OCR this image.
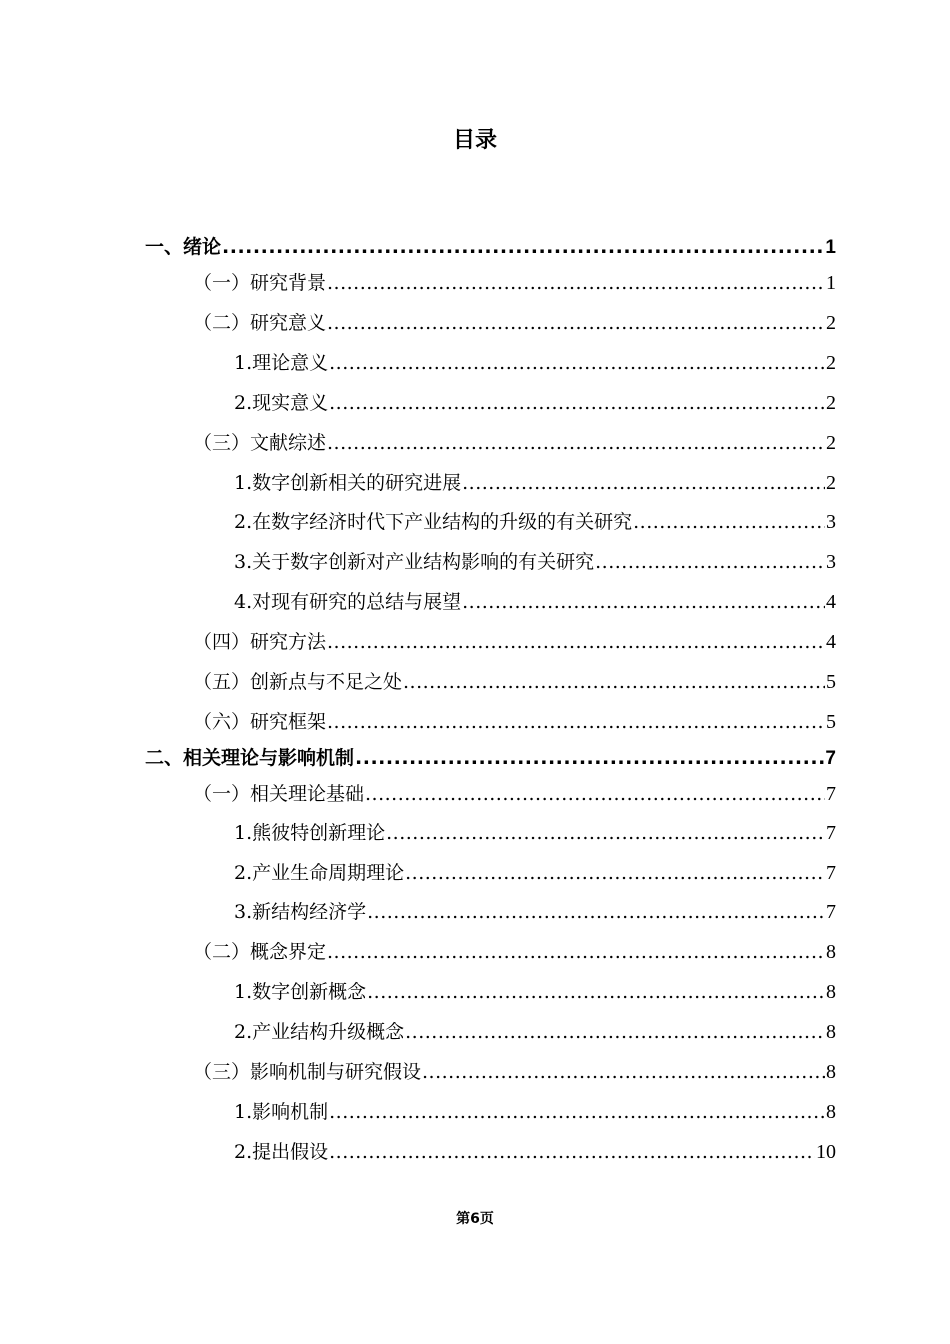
目录
一、绪论 .....	1
（一）研究背景 .....	1
（二）研究意义 .....	2
1.理论意义 .....	2
2.现实意义 .....	2
（三）文献综述 .....	2
1.数字创新相关的研究进展 .....	2
2.在数字经济时代下产业结构的升级的有关研究 .....	3
3.关于数字创新对产业结构影响的有关研究 .....	3
4.对现有研究的总结与展望 .....	4
（四）研究方法 .....	4
（五）创新点与不足之处 .....	5
（六）研究框架 .....	5
二、相关理论与影响机制 .....	7
（一）相关理论基础 .....	7
1.熊彼特创新理论 .....	7
2.产业生命周期理论 .....	7
3.新结构经济学 .....	7
（二）概念界定 .....	8
1.数字创新概念 .....	8
2.产业结构升级概念 .....	8
（三）影响机制与研究假设 .....	8
1.影响机制 .....	8
2.提出假设 .....	10
第6页
